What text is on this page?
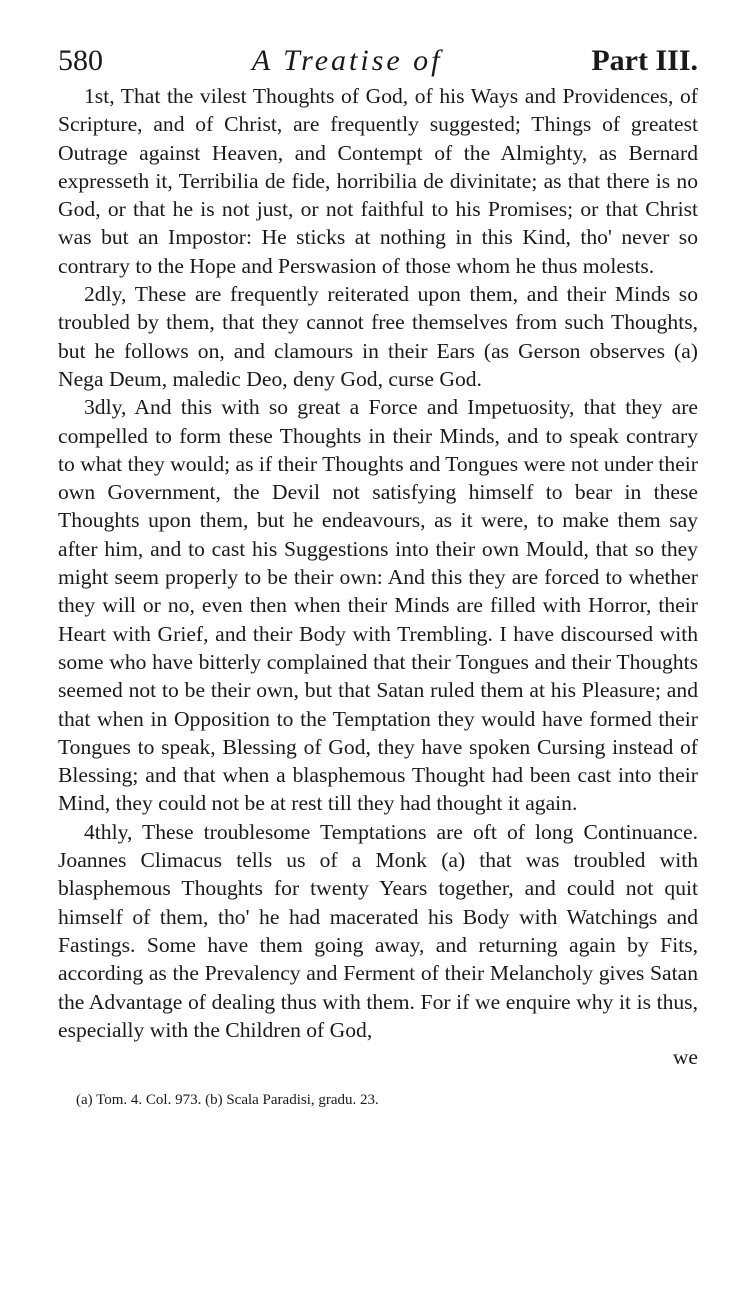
580	A Treatise of	Part III.

1st, That the vilest Thoughts of God, of his Ways and Providences, of Scripture, and of Christ, are frequently suggested; Things of greatest Outrage against Heaven, and Contempt of the Almighty, as Bernard expresseth it, Terribilia de fide, horribilia de divinitate; as that there is no God, or that he is not just, or not faithful to his Promises; or that Christ was but an Impostor: He sticks at nothing in this Kind, tho' never so contrary to the Hope and Perswasion of those whom he thus molests.

2dly, These are frequently reiterated upon them, and their Minds so troubled by them, that they cannot free themselves from such Thoughts, but he follows on, and clamours in their Ears (as Gerson observes (a) Nega Deum, maledic Deo, deny God, curse God.

3dly, And this with so great a Force and Impetuosity, that they are compelled to form these Thoughts in their Minds, and to speak contrary to what they would; as if their Thoughts and Tongues were not under their own Government, the Devil not satisfying himself to bear in these Thoughts upon them, but he endeavours, as it were, to make them say after him, and to cast his Suggestions into their own Mould, that so they might seem properly to be their own: And this they are forced to whether they will or no, even then when their Minds are filled with Horror, their Heart with Grief, and their Body with Trembling. I have discoursed with some who have bitterly complained that their Tongues and their Thoughts seemed not to be their own, but that Satan ruled them at his Pleasure; and that when in Opposition to the Temptation they would have formed their Tongues to speak, Blessing of God, they have spoken Cursing instead of Blessing; and that when a blasphemous Thought had been cast into their Mind, they could not be at rest till they had thought it again.

4thly, These troublesome Temptations are oft of long Continuance. Joannes Climacus tells us of a Monk (a) that was troubled with blasphemous Thoughts for twenty Years together, and could not quit himself of them, tho' he had macerated his Body with Watchings and Fastings. Some have them going away, and returning again by Fits, according as the Prevalency and Ferment of their Melancholy gives Satan the Advantage of dealing thus with them. For if we enquire why it is thus, especially with the Children of God,

we
(a) Tom. 4. Col. 973. (b) Scala Paradisi, gradu. 23.
